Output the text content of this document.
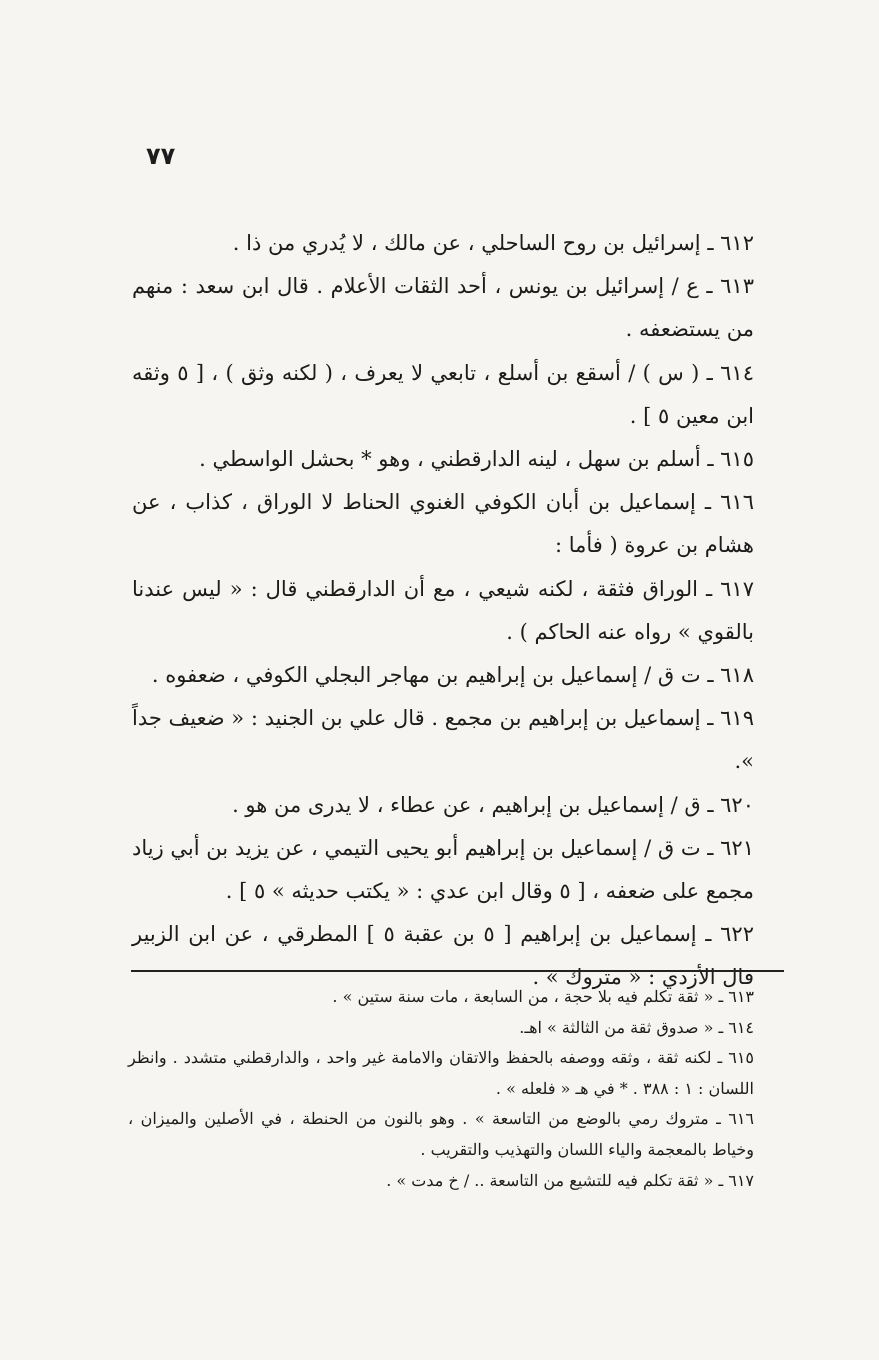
٧٧

٦١٢ ـ إسرائيل بن روح الساحلي ، عن مالك ، لا يُدري من ذا .

٦١٣ ـ ع / إسرائيل بن يونس ، أحد الثقات الأعلام . قال ابن سعد : منهم من يستضعفه .

٦١٤ ـ ( س ) / أسقع بن أسلع ، تابعي لا يعرف ، ( لكنه وثق ) ، [ ٥ وثقه ابن معين ٥ ] .

٦١٥ ـ أسلم بن سهل ، لينه الدارقطني ، وهو * بحشل الواسطي .

٦١٦ ـ إسماعيل بن أبان الكوفي الغنوي الحناط لا الوراق ، كذاب ، عن هشام بن عروة ( فأما :

٦١٧ ـ الوراق فثقة ، لكنه شيعي ، مع أن الدارقطني قال : « ليس عندنا بالقوي » رواه عنه الحاكم ) .

٦١٨ ـ ت ق / إسماعيل بن إبراهيم بن مهاجر البجلي الكوفي ، ضعفوه .

٦١٩ ـ إسماعيل بن إبراهيم بن مجمع . قال علي بن الجنيد : « ضعيف جداً ».

٦٢٠ ـ ق / إسماعيل بن إبراهيم ، عن عطاء ، لا يدرى من هو .

٦٢١ ـ ت ق / إسماعيل بن إبراهيم أبو يحيى التيمي ، عن يزيد بن أبي زياد مجمع على ضعفه ، [ ٥ وقال ابن عدي : « يكتب حديثه » ٥ ] .

٦٢٢ ـ إسماعيل بن إبراهيم [ ٥ بن عقبة ٥ ] المطرقي ، عن ابن الزبير قال الأزدي : « متروك » .

٦١٣ ـ « ثقة تكلم فيه بلا حجة ، من السابعة ، مات سنة ستين » .

٦١٤ ـ « صدوق ثقة من الثالثة » اهـ.

٦١٥ ـ لكنه ثقة ، وثقه ووصفه بالحفظ والاتقان والامامة غير واحد ، والدارقطني متشدد . وانظر اللسان : ١ : ٣٨٨ . * في هـ « فلعله » .

٦١٦ ـ متروك رمي بالوضع من التاسعة » . وهو بالنون من الحنطة ، في الأصلين والميزان ، وخياط بالمعجمة والياء اللسان والتهذيب والتقريب .

٦١٧ ـ « ثقة تكلم فيه للتشيع من التاسعة .. / خ مدت » .
